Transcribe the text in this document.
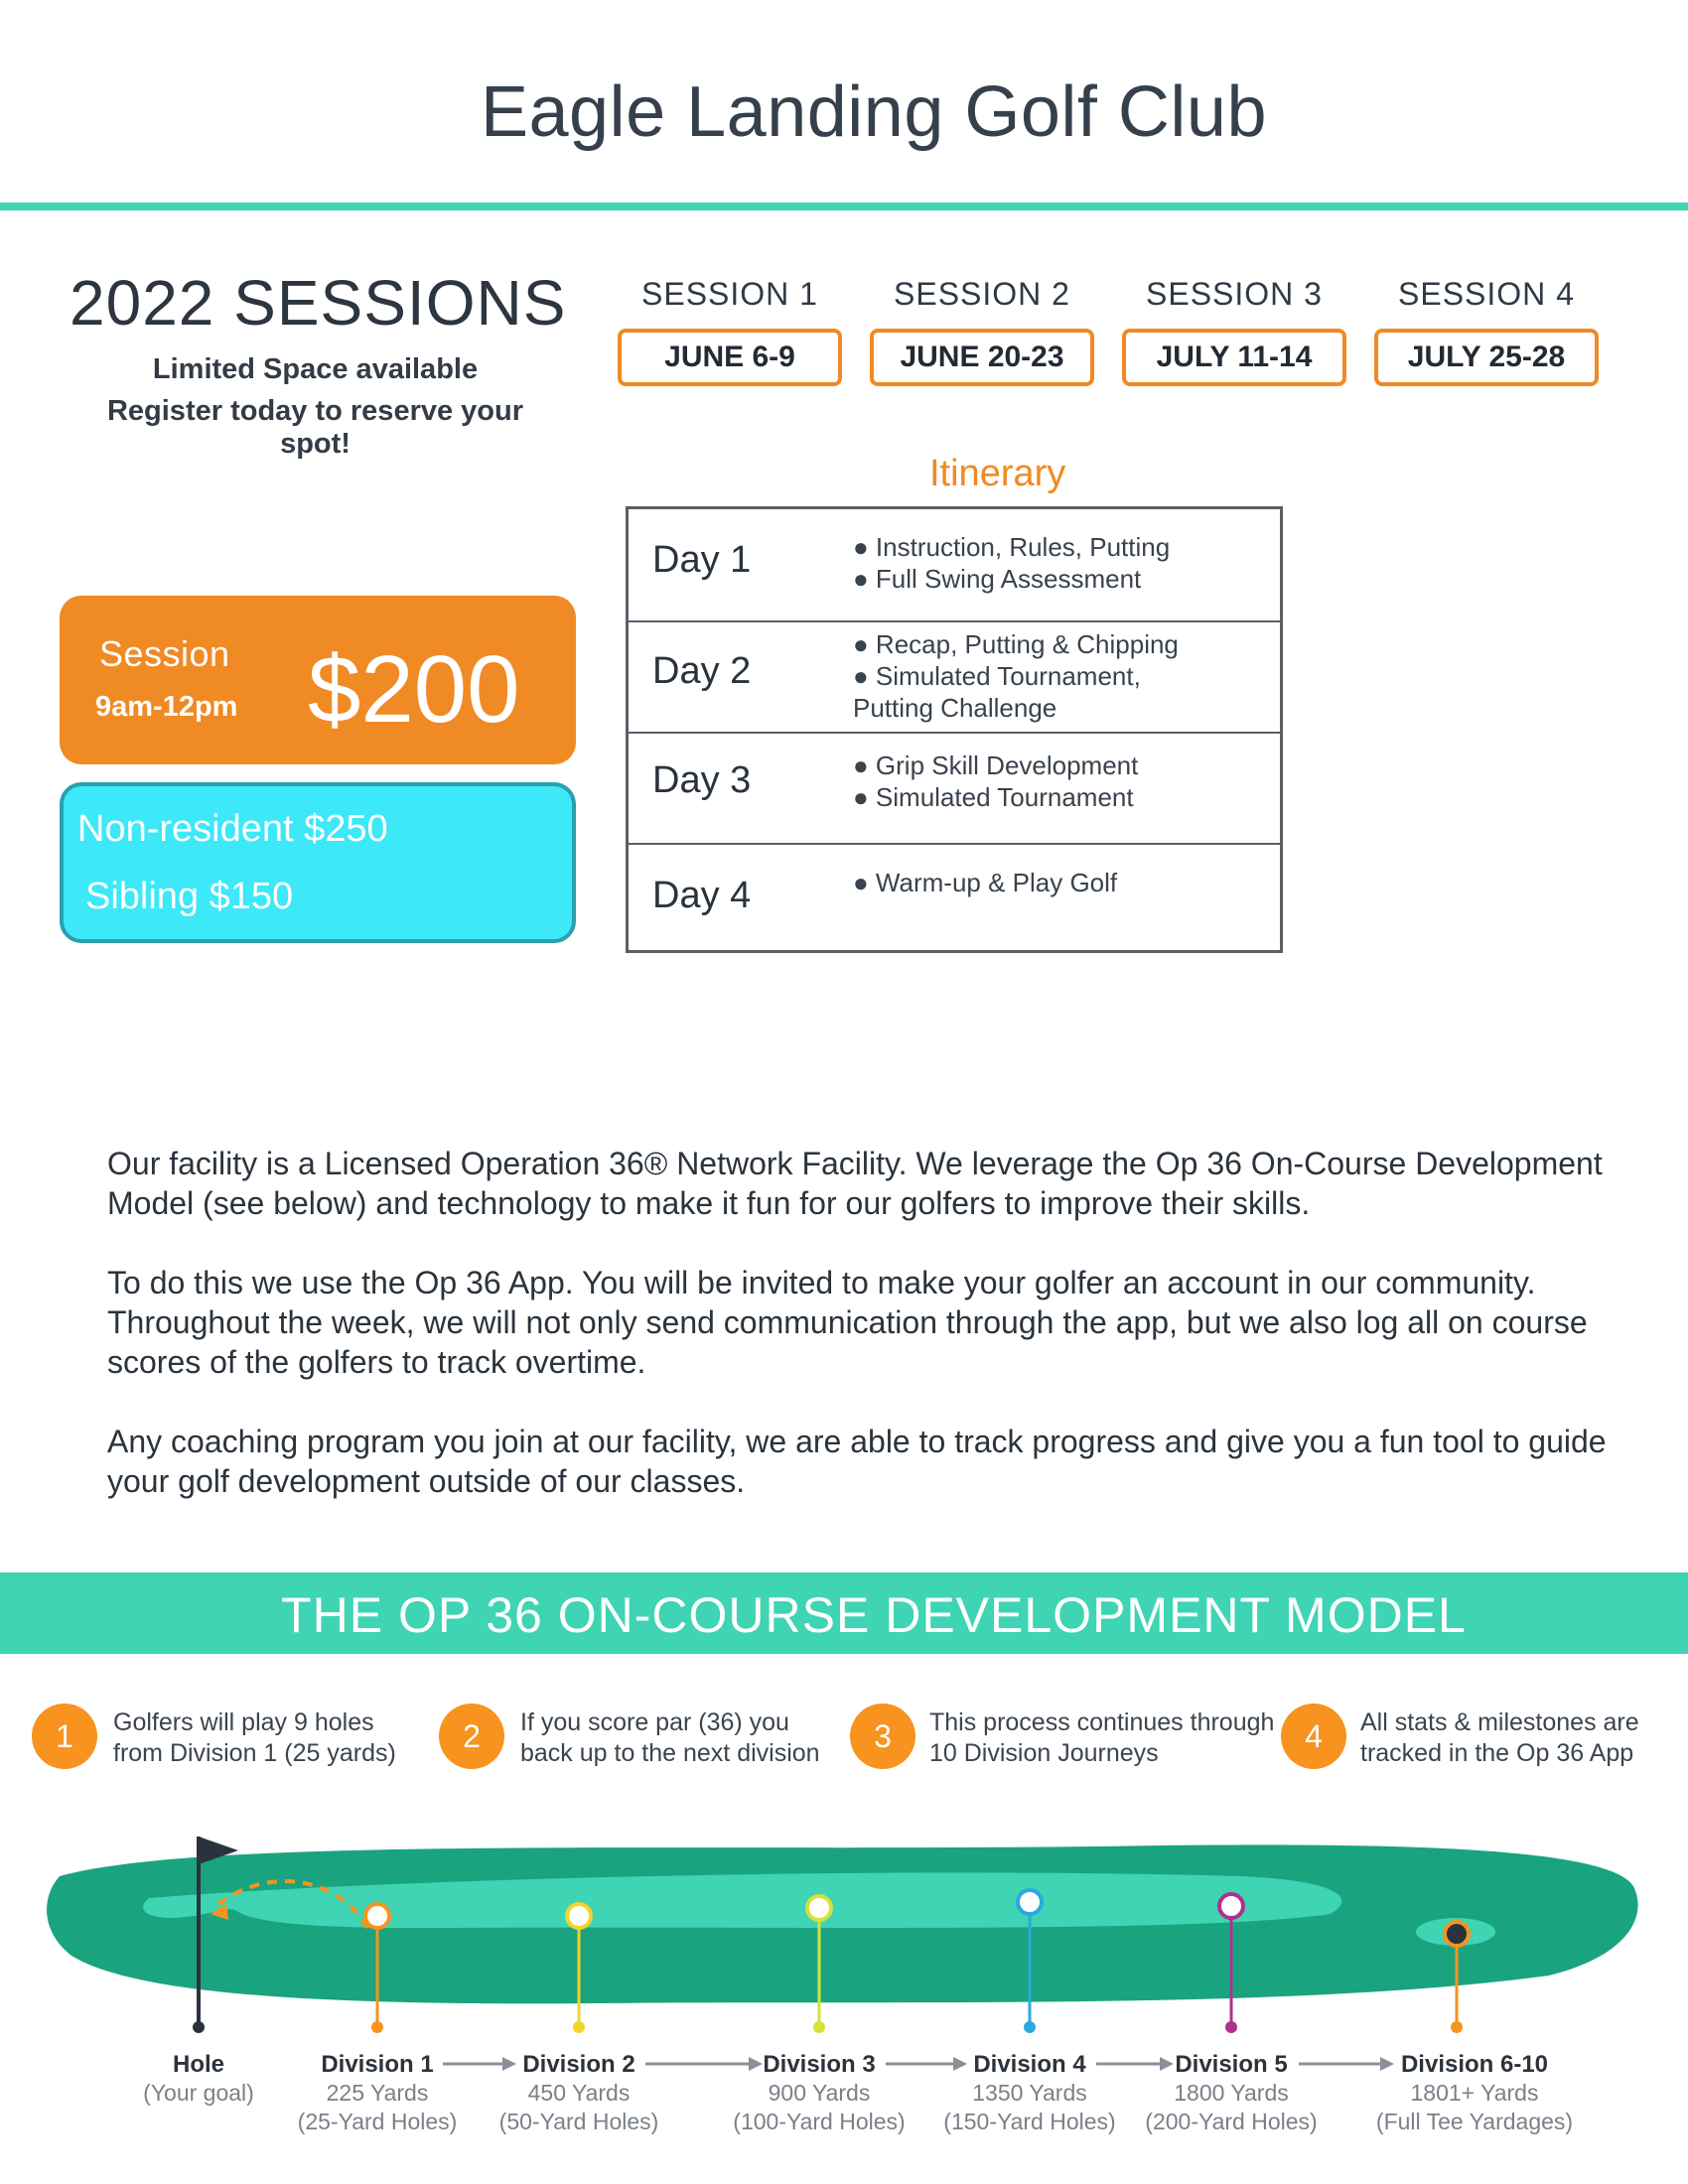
Eagle Landing Golf Club
2022 SESSIONS
Limited Space available
Register today to reserve your spot!
SESSION 1
JUNE 6-9
SESSION 2
JUNE 20-23
SESSION 3
JULY 11-14
SESSION 4
JULY 25-28
Session
9am-12pm $200
Non-resident $250
Sibling $150
Itinerary
Day 1	● Instruction, Rules, Putting
● Full Swing Assessment
Day 2
● Recap, Putting & Chipping
● Simulated Tournament,
Putting Challenge
Day 3	● Grip Skill Development
● Simulated Tournament
Day 4	● Warm-up & Play Golf
Our facility is a Licensed Operation 36® Network Facility. We leverage the Op 36 On-Course Development Model (see below) and technology to make it fun for our golfers to improve their skills.
To do this we use the Op 36 App. You will be invited to make your golfer an account in our community. Throughout the week, we will not only send communication through the app, but we also log all on course scores of the golfers to track overtime.
Any coaching program you join at our facility, we are able to track progress and give you a fun tool to guide your golf development outside of our classes.
THE OP 36 ON-COURSE DEVELOPMENT MODEL
1	Golfers will play 9 holes
from Division 1 (25 yards)	2	If you score par (36) you
back up to the next division	3	This process continues through
10 Division Journeys	4	All stats & milestones are
tracked in the Op 36 App
Hole
(Your goal)
Division 1
225 Yards
(25-Yard Holes)
Division 2
450 Yards
(50-Yard Holes)
Division 3
900 Yards
(100-Yard Holes)
Division 4
1350 Yards
(150-Yard Holes)
Division 5
1800 Yards
(200-Yard Holes)
Division 6-10
1801+ Yards
(Full Tee Yardages)
